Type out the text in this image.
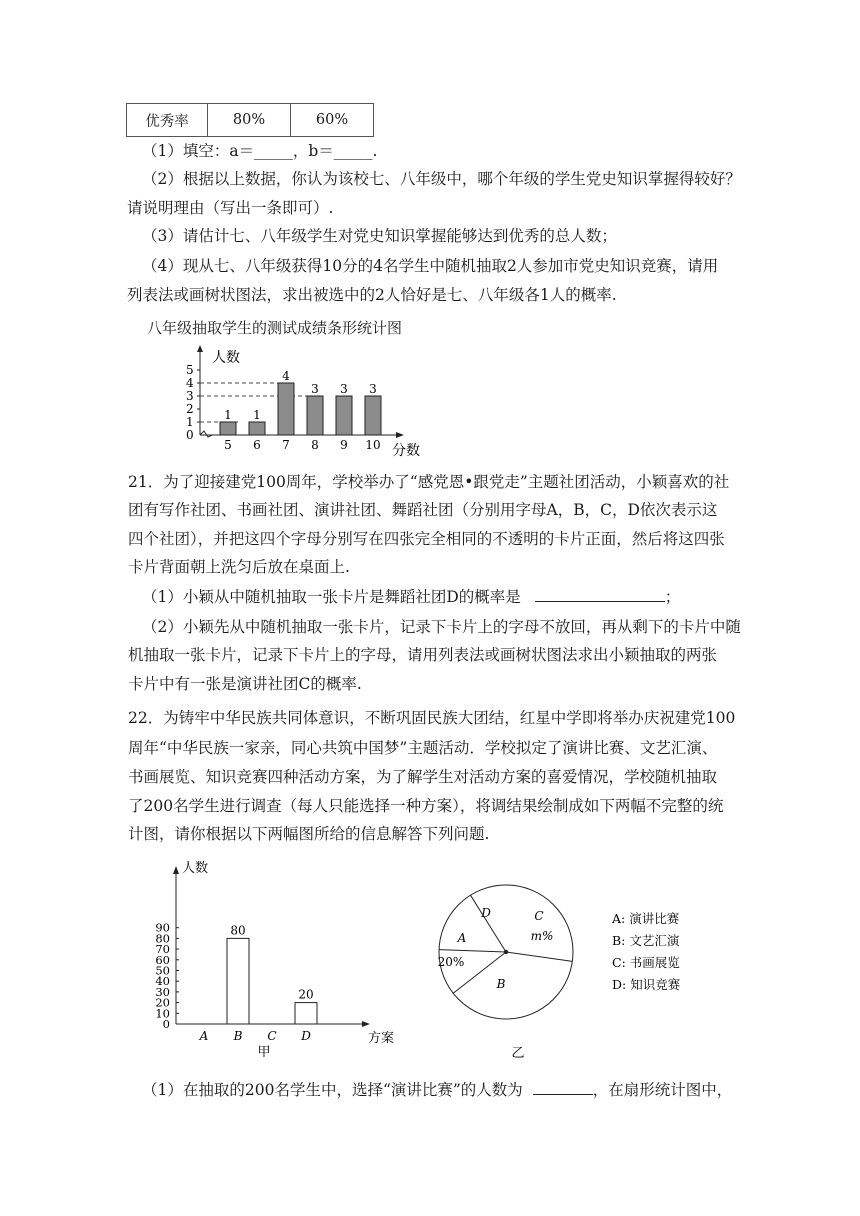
优秀率	80%	60%
（1）填空：a＝_____，b＝_____.
（2）根据以上数据，你认为该校七、八年级中，哪个年级的学生党史知识掌握得较好？
请说明理由（写出一条即可）.
（3）请估计七、八年级学生对党史知识掌握能够达到优秀的总人数；
（4）现从七、八年级获得10分的4名学生中随机抽取2人参加市党史知识竞赛，请用
列表法或画树状图法，求出被选中的2人恰好是七、八年级各1人的概率.
八年级抽取学生的测试成绩条形统计图
人数
分数
0
1
2
3
4
5
1
5
1
6
4
7
3
8
3
9
3
10
21．为了迎接建党100周年，学校举办了“感党恩•跟党走”主题社团活动，小颖喜欢的社
团有写作社团、书画社团、演讲社团、舞蹈社团（分别用字母A，B，C，D依次表示这
四个社团），并把这四个字母分别写在四张完全相同的不透明的卡片正面，然后将这四张
卡片背面朝上洗匀后放在桌面上.
（1）小颖从中随机抽取一张卡片是舞蹈社团D的概率是	；
（2）小颖先从中随机抽取一张卡片，记录下卡片上的字母不放回，再从剩下的卡片中随
机抽取一张卡片，记录下卡片上的字母，请用列表法或画树状图法求出小颖抽取的两张
卡片中有一张是演讲社团C的概率.
22．为铸牢中华民族共同体意识，不断巩固民族大团结，红星中学即将举办庆祝建党100
周年“中华民族一家亲，同心共筑中国梦”主题活动．学校拟定了演讲比赛、文艺汇演、
书画展览、知识竞赛四种活动方案，为了解学生对活动方案的喜爱情况，学校随机抽取
了200名学生进行调查（每人只能选择一种方案），将调结果绘制成如下两幅不完整的统
计图，请你根据以下两幅图所给的信息解答下列问题.
人数
方案
0
10
20
30
40
50
60
70
80
90
A B
80
C D
20
甲
D	C
m%
A
20%
B
A: 演讲比赛
B: 文艺汇演
C: 书画展览
D: 知识竞赛
乙
（1）在抽取的200名学生中，选择“演讲比赛”的人数为	，在扇形统计图中，
